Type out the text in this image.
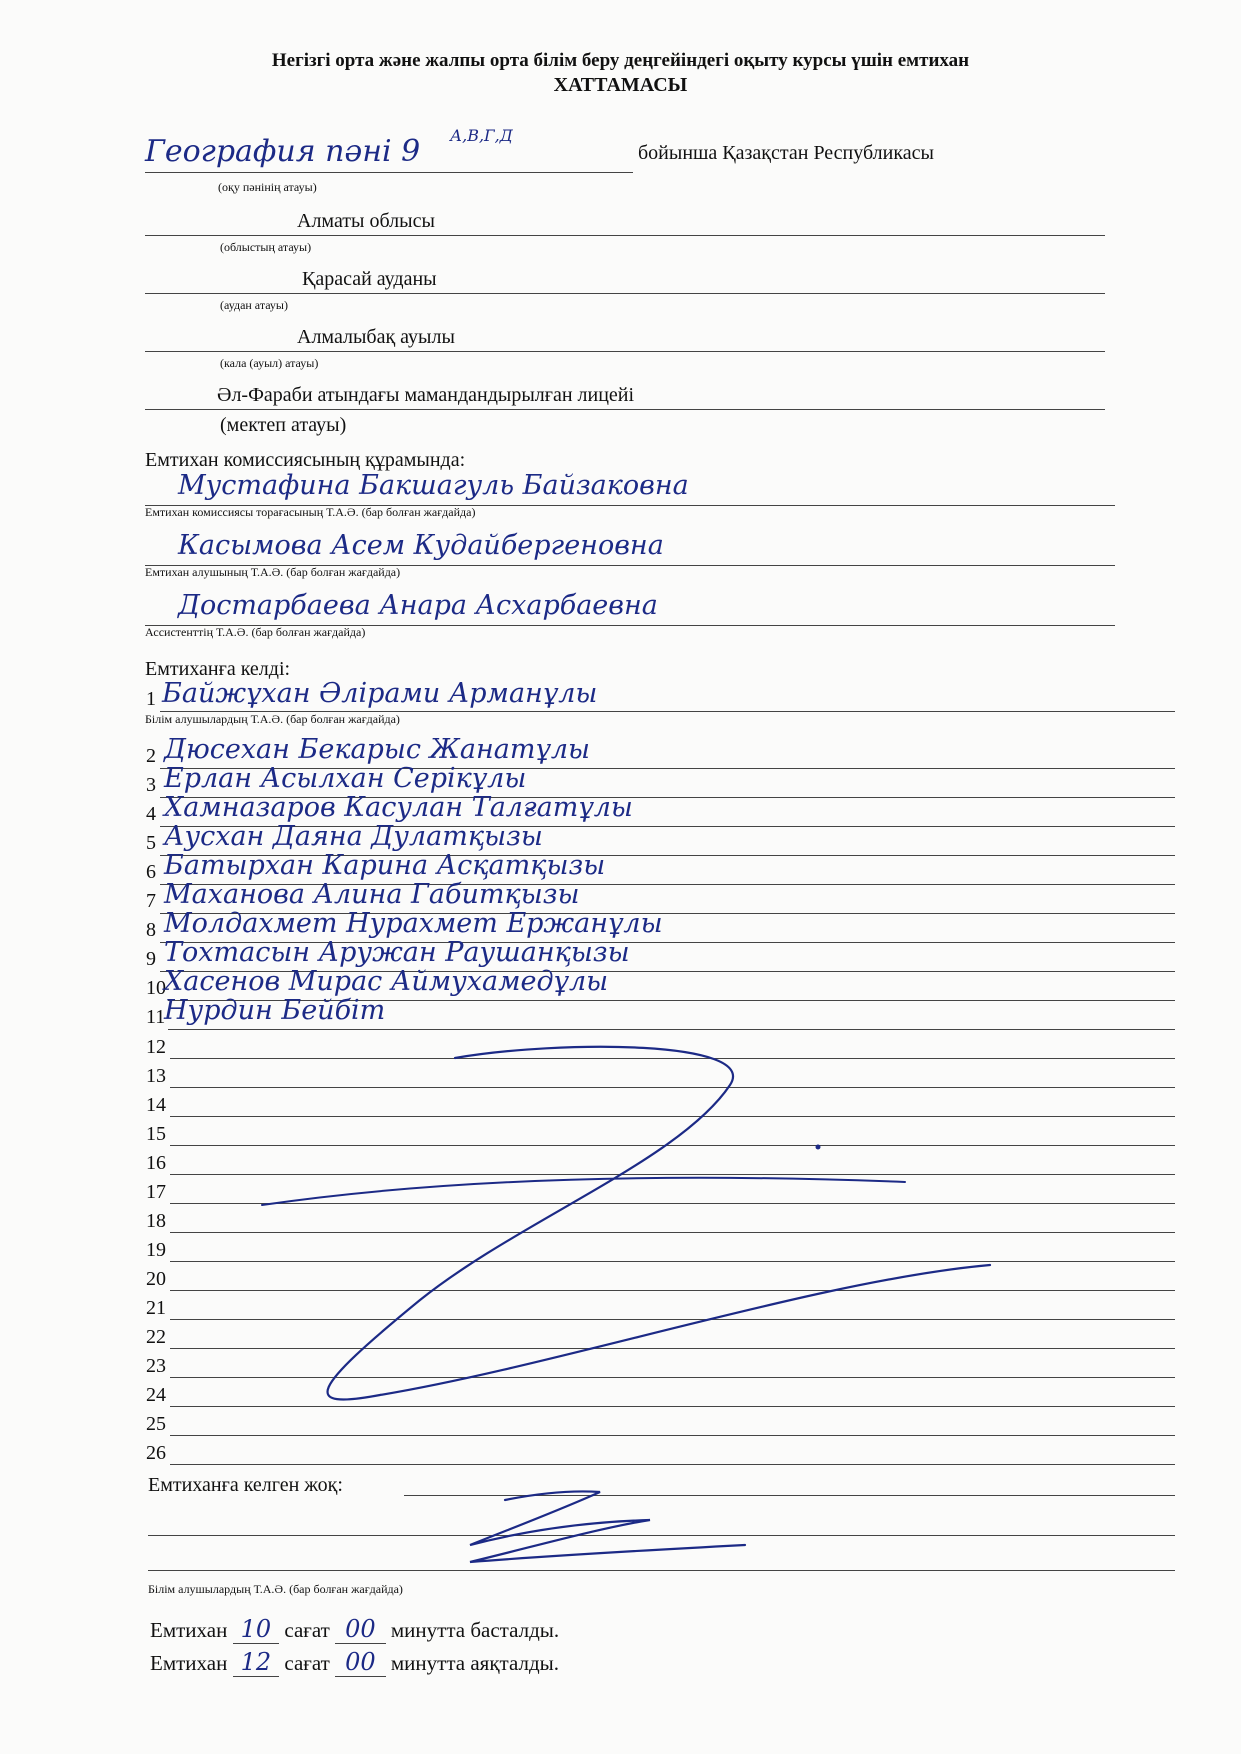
Негізгі орта және жалпы орта білім беру деңгейіндегі оқыту курсы үшін емтихан
ХАТТАМАСЫ
География пәні 9 А,В,Г,Д
бойынша Қазақстан Республикасы
(оқу пәнінің атауы)
Алматы облысы
(облыстың атауы)
Қарасай ауданы
(аудан атауы)
Алмалыбақ ауылы
(кала (ауыл) атауы)
Әл-Фараби атындағы мамандандырылған лицейі
(мектеп атауы)
Емтихан комиссиясының құрамында:
Мустафина Бакшагуль Байзаковна
Емтихан комиссиясы торағасының Т.А.Ә. (бар болған жағдайда)
Касымова Асем Кудайбергеновна
Емтихан алушының Т.А.Ә. (бар болған жағдайда)
Достарбаева Анара Асхарбаевна
Ассистенттің Т.А.Ә. (бар болған жағдайда)
Емтиханға келді:
1 Байжұхан Әлірами Арманұлы
Білім алушылардың Т.А.Ә. (бар болған жағдайда)
2 Дюсехан Бекарыс Жанатұлы
3 Ерлан Асылхан Серікұлы
4 Хамназаров Касулан Талғатұлы
5 Аусхан Даяна Дулатқызы
6 Батырхан Карина Асқатқызы
7 Маханова Алина Габитқызы
8 Молдахмет Нурахмет Ержанұлы
9 Тохтасын Аружан Раушанқызы
10
Хасенов Мирас Аймухамедұлы
11
Нурдин Бейбіт
12
13
14
15
16
17
18
19
20
21
22
23
24
25
26
Емтиханға келген жоқ:
Білім алушылардың Т.А.Ә. (бар болған жағдайда)
Емтихан 10 сағат 00 минутта басталды.
Емтихан 12 сағат 00 минутта аяқталды.
